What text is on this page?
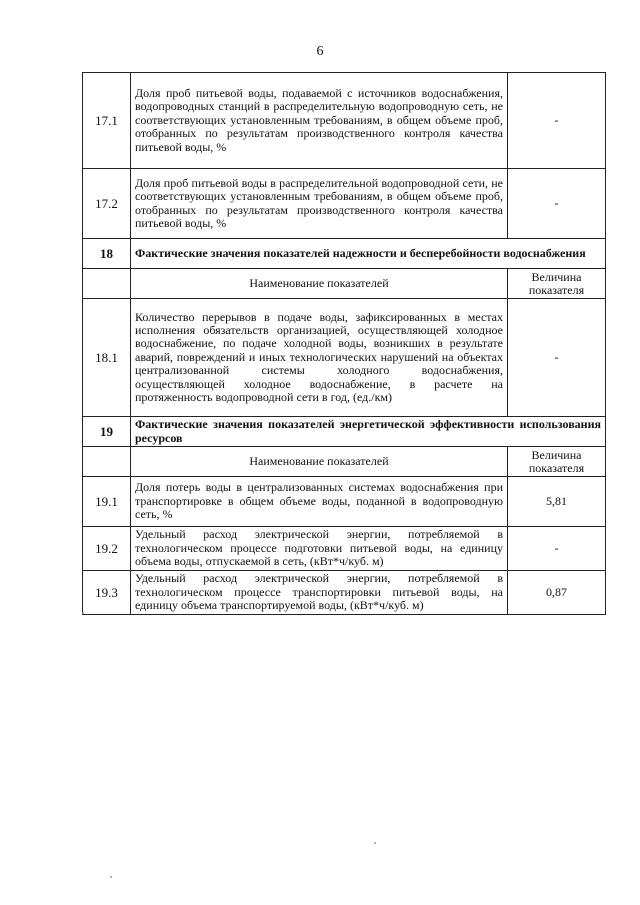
6
17.1	Доля проб питьевой воды, подаваемой с источников водоснабжения, водопроводных станций в распределительную водопроводную сеть, не соответствующих установленным требованиям, в общем объеме проб, отобранных по результатам производственного контроля качества питьевой воды, %	-
17.2	Доля проб питьевой воды в распределительной водопроводной сети, не соответствующих установленным требованиям, в общем объеме проб, отобранных по результатам производственного контроля качества питьевой воды, %	-
18	Фактические значения показателей надежности и бесперебойности водоснабжения	
	Наименование показателей	Величина показателя
18.1	Количество перерывов в подаче воды, зафиксированных в местах исполнения обязательств организацией, осуществляющей холодное водоснабжение, по подаче холодной воды, возникших в результате аварий, повреждений и иных технологических нарушений на объектах централизованной системы холодного водоснабжения, осуществляющей холодное водоснабжение, в расчете на протяженность водопроводной сети в год, (ед./км)	-
19	Фактические значения показателей энергетической эффективности использования ресурсов	
	Наименование показателей	Величина показателя
19.1	Доля потерь воды в централизованных системах водоснабжения при транспортировке в общем объеме воды, поданной в водопроводную сеть, %	5,81
19.2	Удельный расход электрической энергии, потребляемой в технологическом процессе подготовки питьевой воды, на единицу объема воды, отпускаемой в сеть, (кВт*ч/куб. м)	-
19.3	Удельный расход электрической энергии, потребляемой в технологическом процессе транспортировки питьевой воды, на единицу объема транспортируемой воды, (кВт*ч/куб. м)	0,87
